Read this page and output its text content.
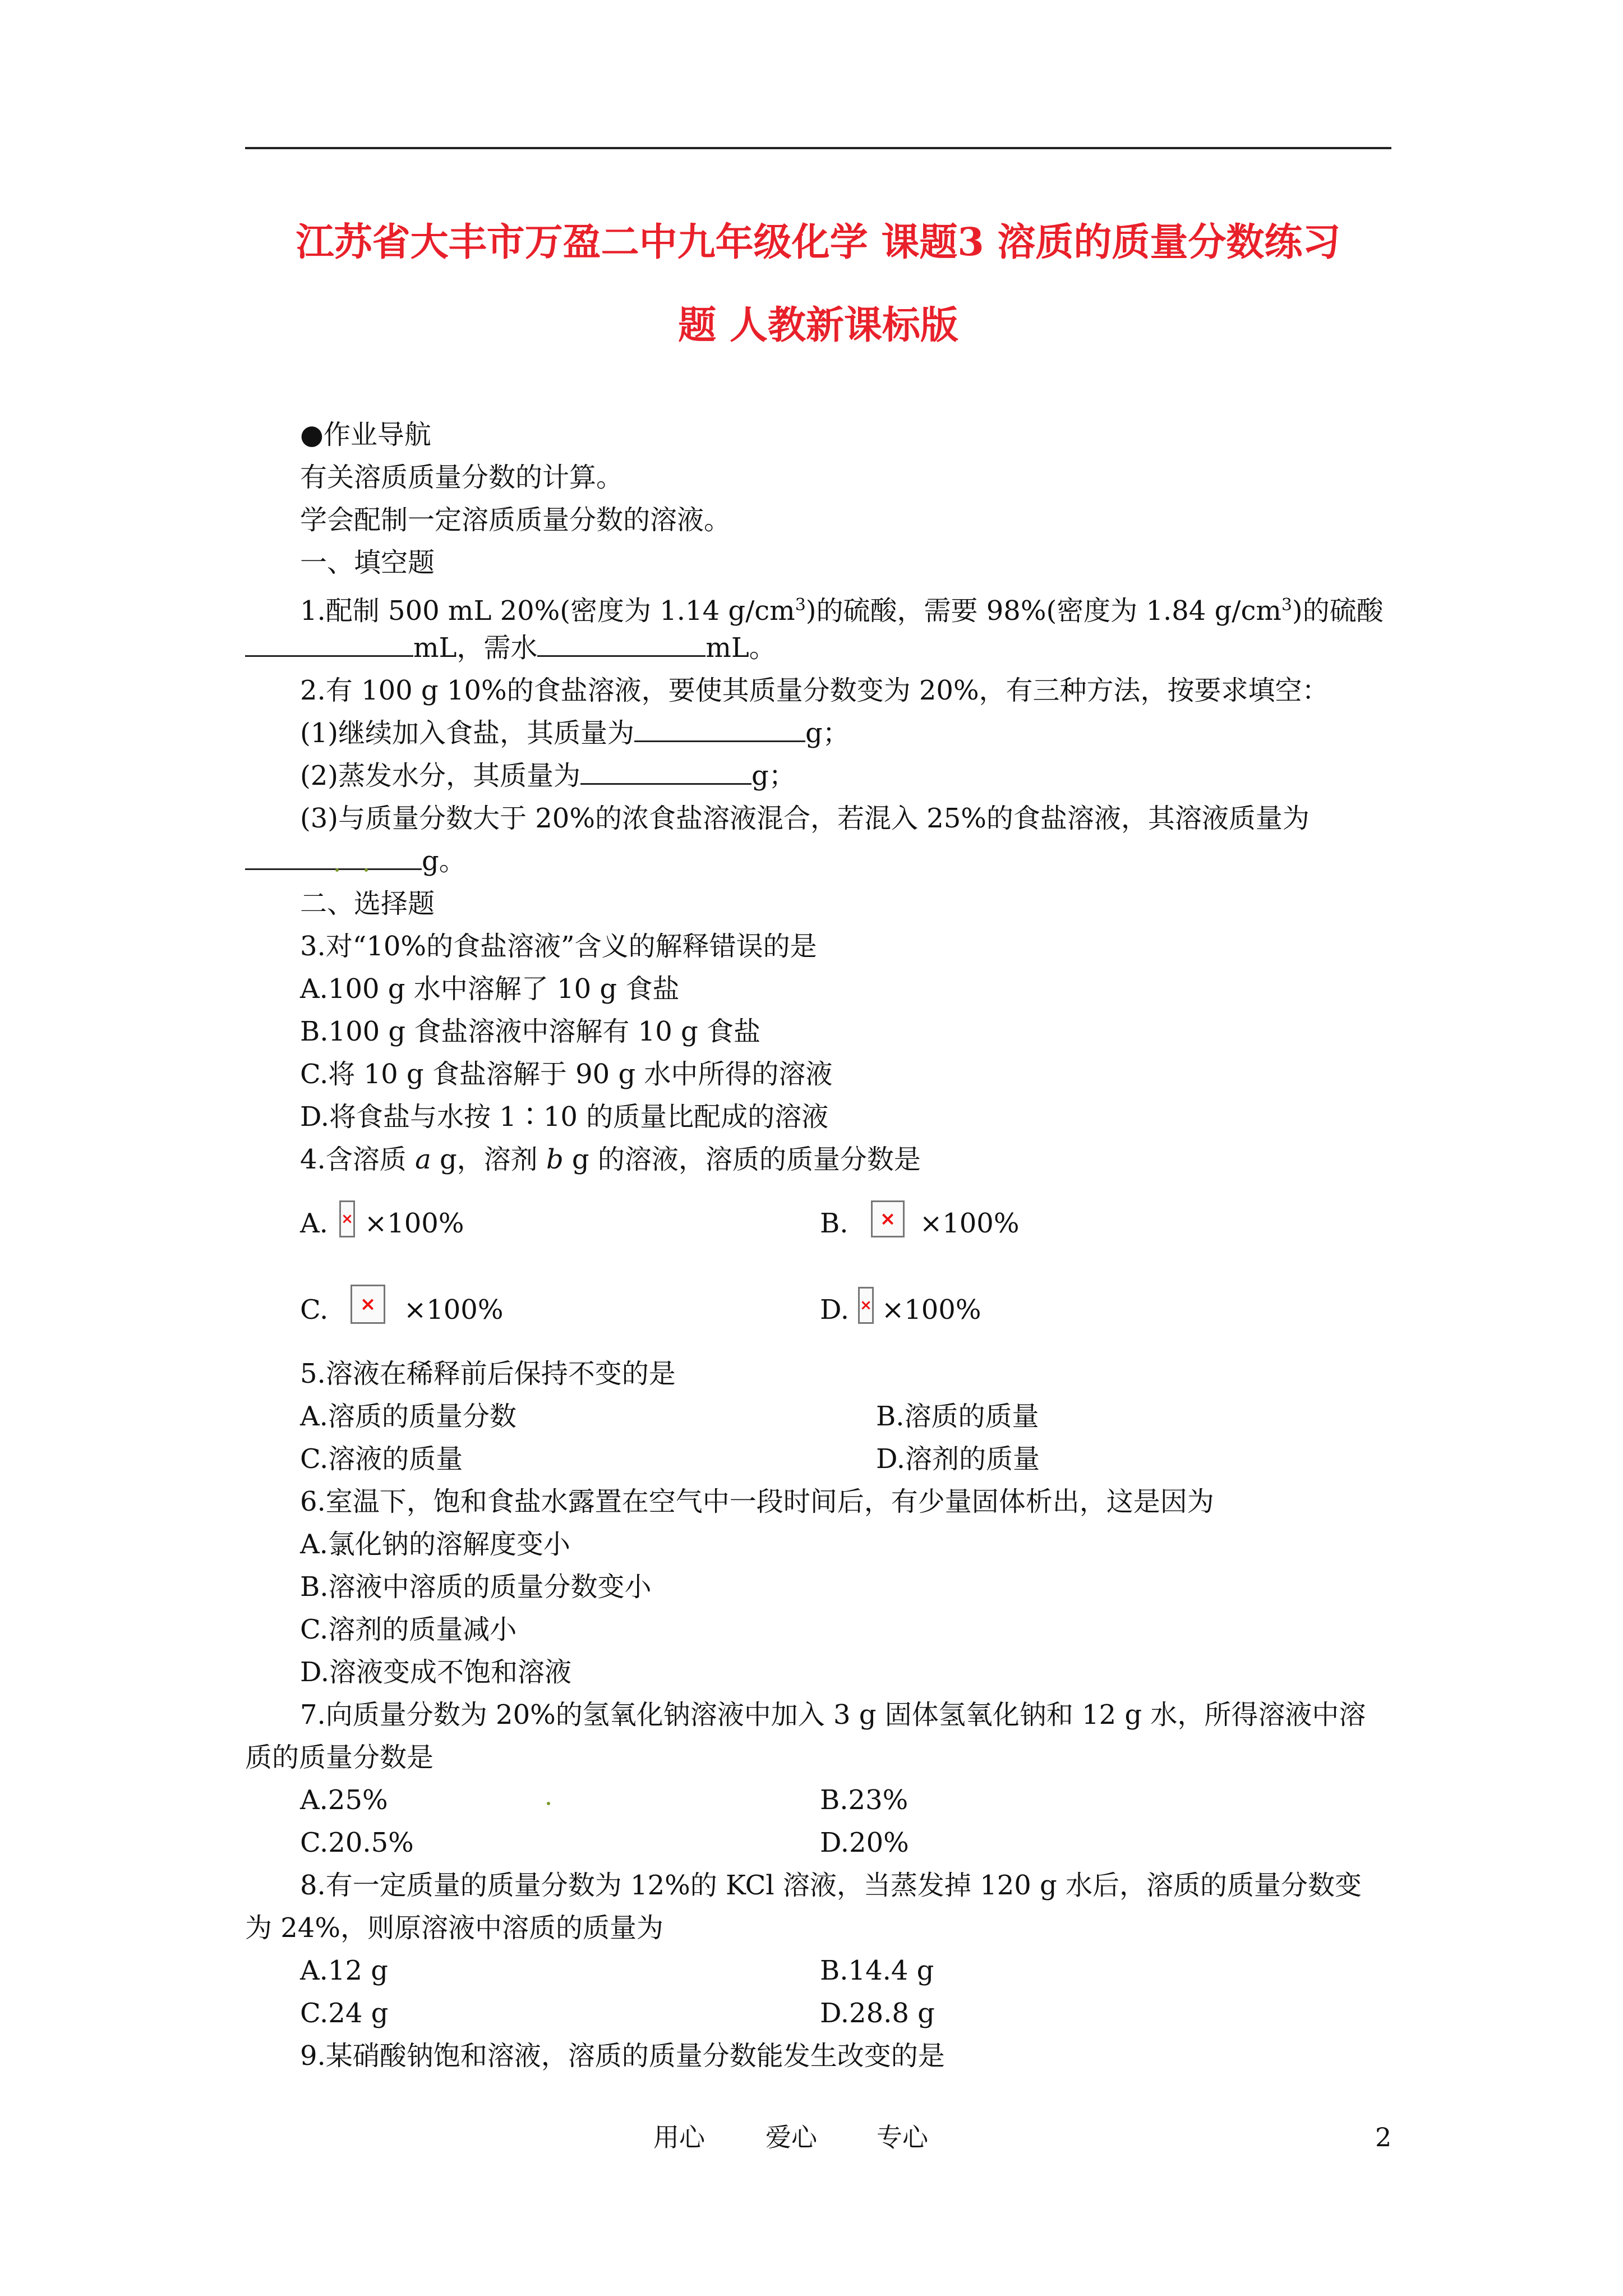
江苏省大丰市万盈二中九年级化学 课题3 溶质的质量分数练习
题 人教新课标版
●作业导航
有关溶质质量分数的计算。
学会配制一定溶质质量分数的溶液。
一、填空题
1.配制 500 mL 20%(密度为 1.14 $g/cm^3$)的硫酸，需要 98%(密度为 1.84 $g/cm^3$)的硫酸
mL，需水	mL。
2.有 100 g 10%的食盐溶液，要使其质量分数变为 20%，有三种方法，按要求填空：
(1)继续加入食盐，其质量为	g；
(2)蒸发水分，其质量为	g；
(3)与质量分数大于 20%的浓食盐溶液混合，若混入 25%的食盐溶液，其溶液质量为
g。
二、选择题
3.对“10%的食盐溶液”含义的解释错误的是
A.100 g 水中溶解了 10 g 食盐
B.100 g 食盐溶液中溶解有 10 g 食盐
C.将 10 g 食盐溶解于 90 g 水中所得的溶液
D.将食盐与水按 1∶10 的质量比配成的溶液
4.含溶质 a g，溶剂 b g 的溶液，溶质的质量分数是
A. × ×100%	B.	× ×100%
C.	× ×100%	D. × ×100%
5.溶液在稀释前后保持不变的是
A.溶质的质量分数	B.溶质的质量
C.溶液的质量	D.溶剂的质量
6.室温下，饱和食盐水露置在空气中一段时间后，有少量固体析出，这是因为
A.氯化钠的溶解度变小
B.溶液中溶质的质量分数变小
C.溶剂的质量减小
D.溶液变成不饱和溶液
7.向质量分数为 20%的氢氧化钠溶液中加入 3 g 固体氢氧化钠和 12 g 水，所得溶液中溶
质的质量分数是
A.25%	B.23%
C.20.5%	D.20%
8.有一定质量的质量分数为 12%的 KCl 溶液，当蒸发掉 120 g 水后，溶质的质量分数变
为 24%，则原溶液中溶质的质量为
A.12 g	B.14.4 g
C.24 g	D.28.8 g
9.某硝酸钠饱和溶液，溶质的质量分数能发生改变的是
用心 爱心 专心	2
